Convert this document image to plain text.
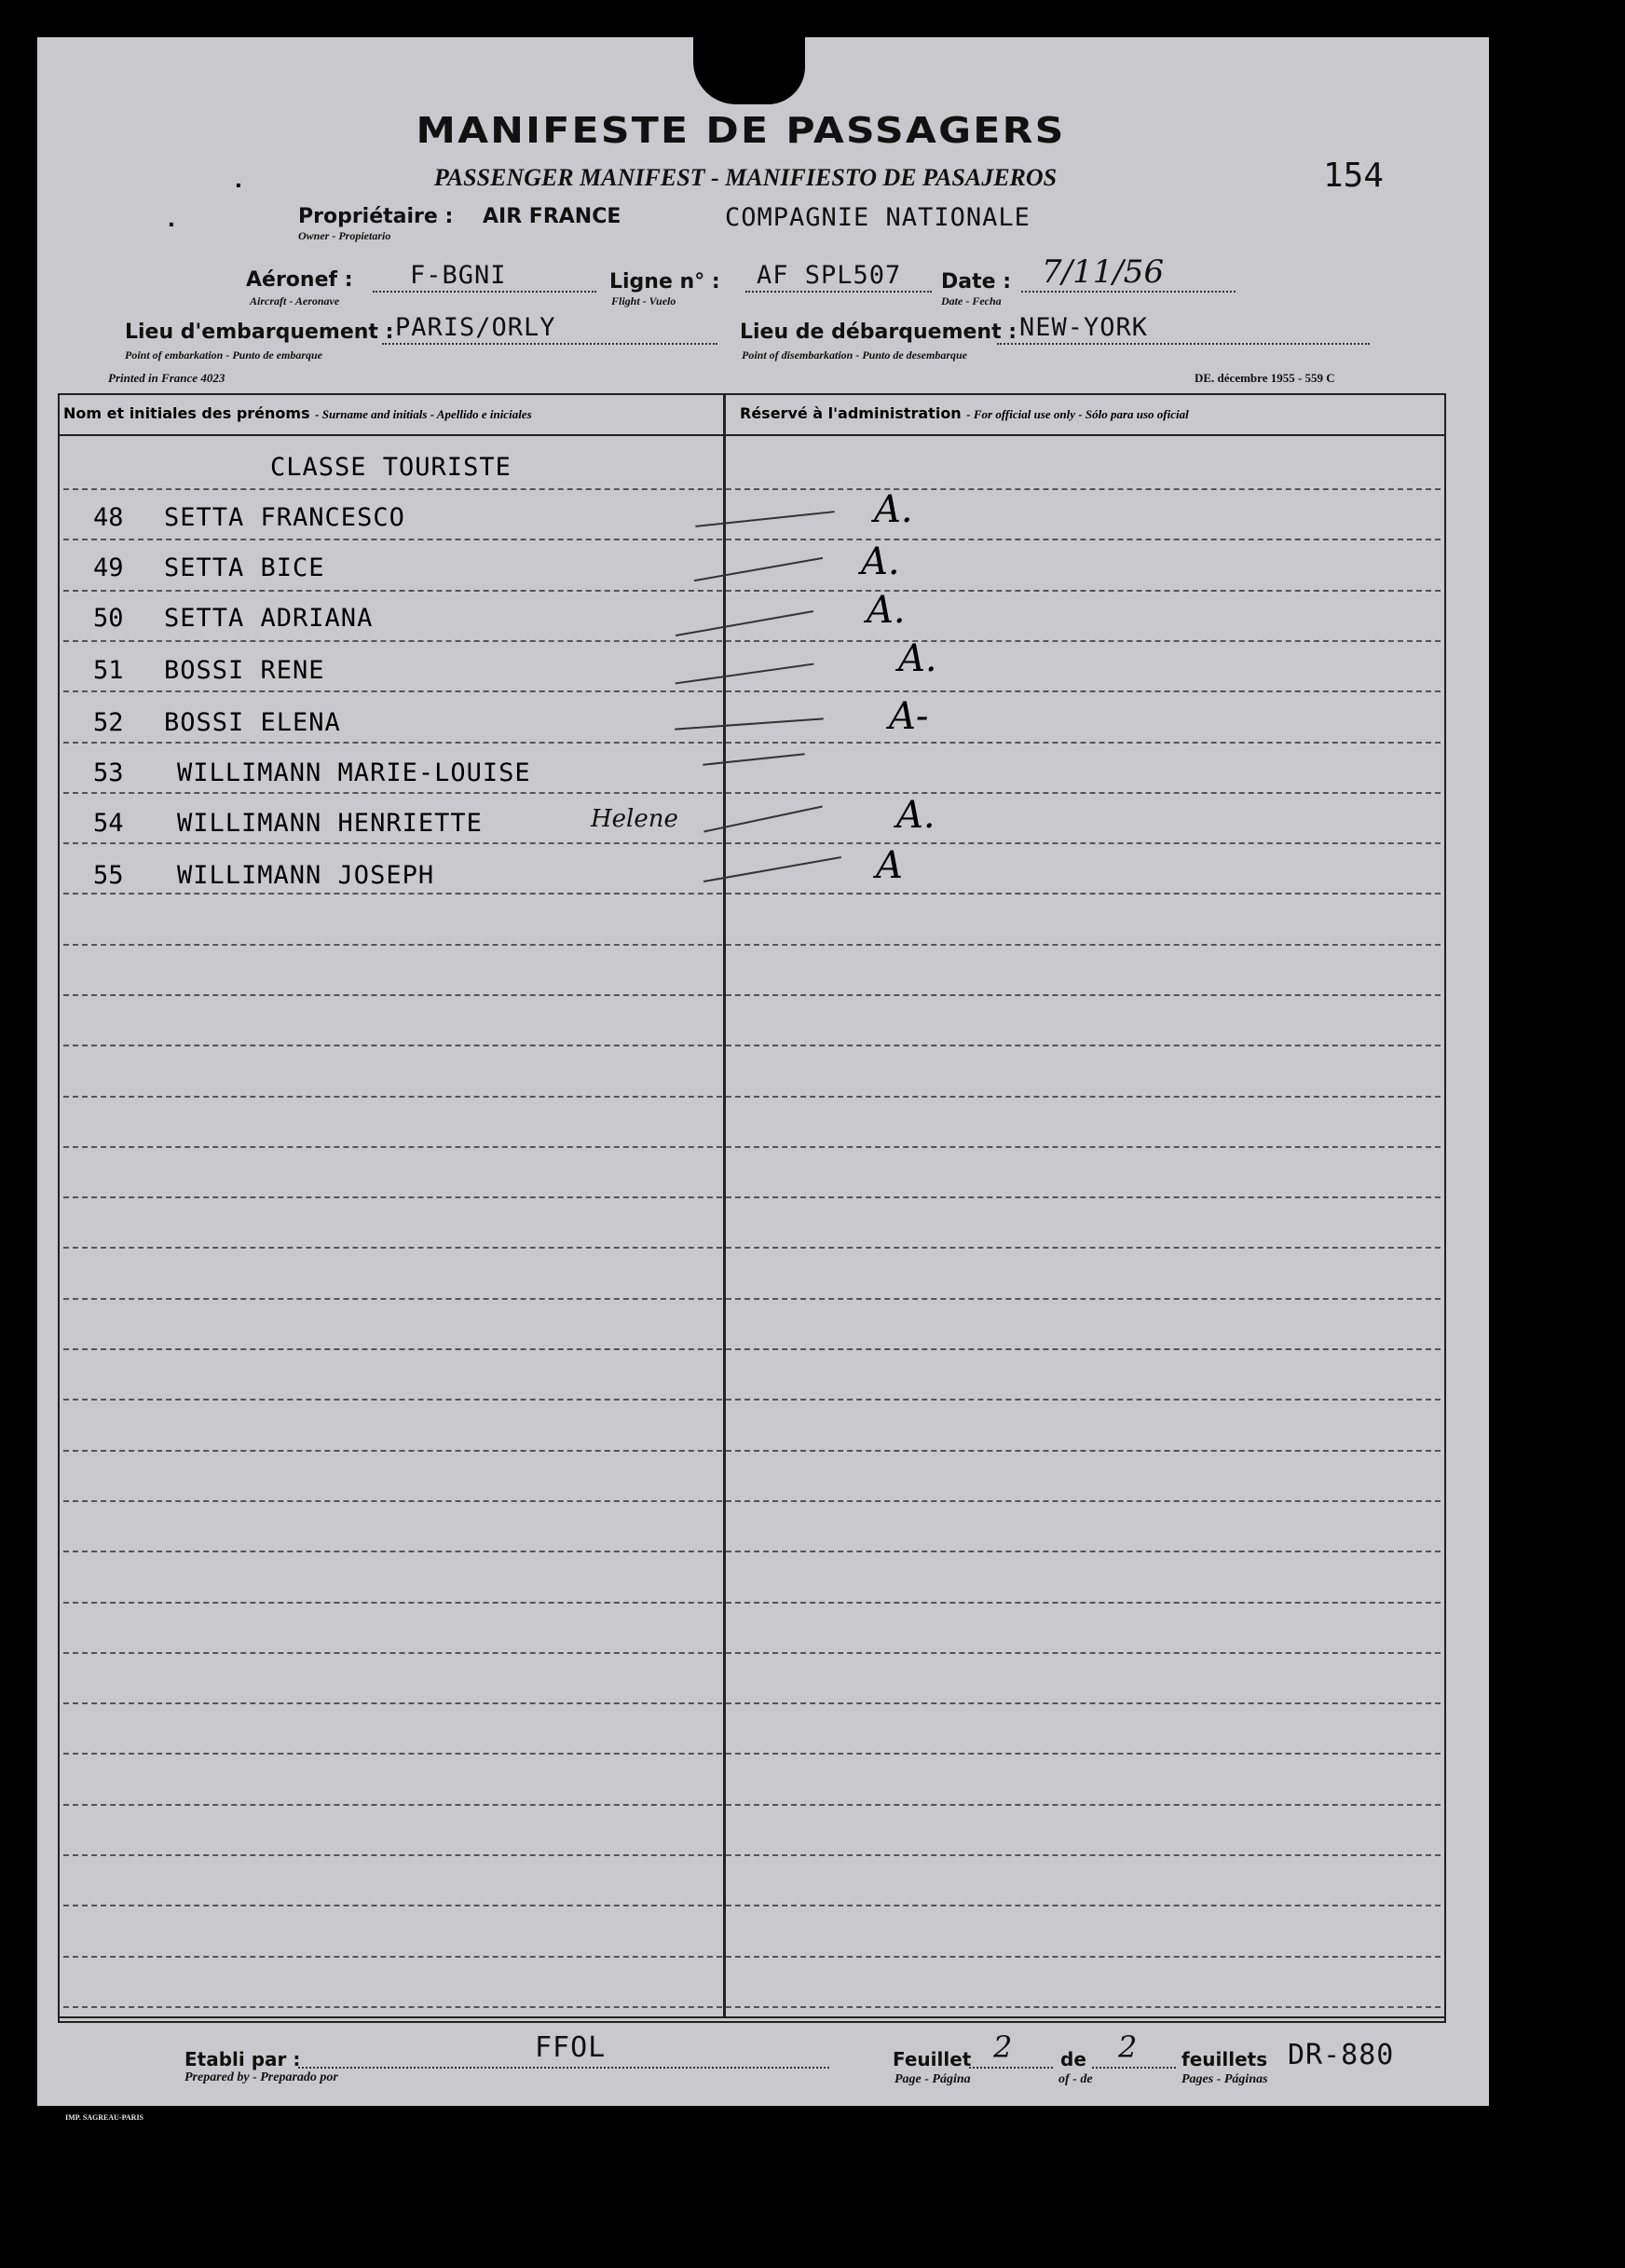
MANIFESTE DE PASSAGERS
PASSENGER MANIFEST - MANIFIESTO DE PASAJEROS	154
.
.	Propriétaire : AIR FRANCE	COMPAGNIE NATIONALE
Owner - Propietario
Aéronef : F-BGNI
Aircraft - Aeronave
Ligne n° : AF SPL507
Flight - Vuelo
Date : 7/11/56
Date - Fecha
Lieu d'embarquement : PARIS/ORLY
Point of embarkation - Punto de embarque
Lieu de débarquement : NEW-YORK
Point of disembarkation - Punto de desembarque
Printed in France 4023	DE. décembre 1955 - 559 C
Nom et initiales des prénoms - Surname and initials - Apellido e iniciales	Réservé à l'administration - For official use only - Sólo para uso oficial
CLASSE TOURISTE
48 SETTA FRANCESCO	A.
49 SETTA BICE	A.
50 SETTA ADRIANA	A.
51 BOSSI RENE	A.
52 BOSSI ELENA	A-
53 WILLIMANN MARIE-LOUISE
54 WILLIMANN HENRIETTE	Helene	A.
55 WILLIMANN JOSEPH	A
Etabli par :	FFOL
Prepared by - Preparado por
Feuillet 2
Page - Página
de 2
of - de
feuillets
Pages - Páginas
DR-880
IMP. SAGREAU-PARIS
